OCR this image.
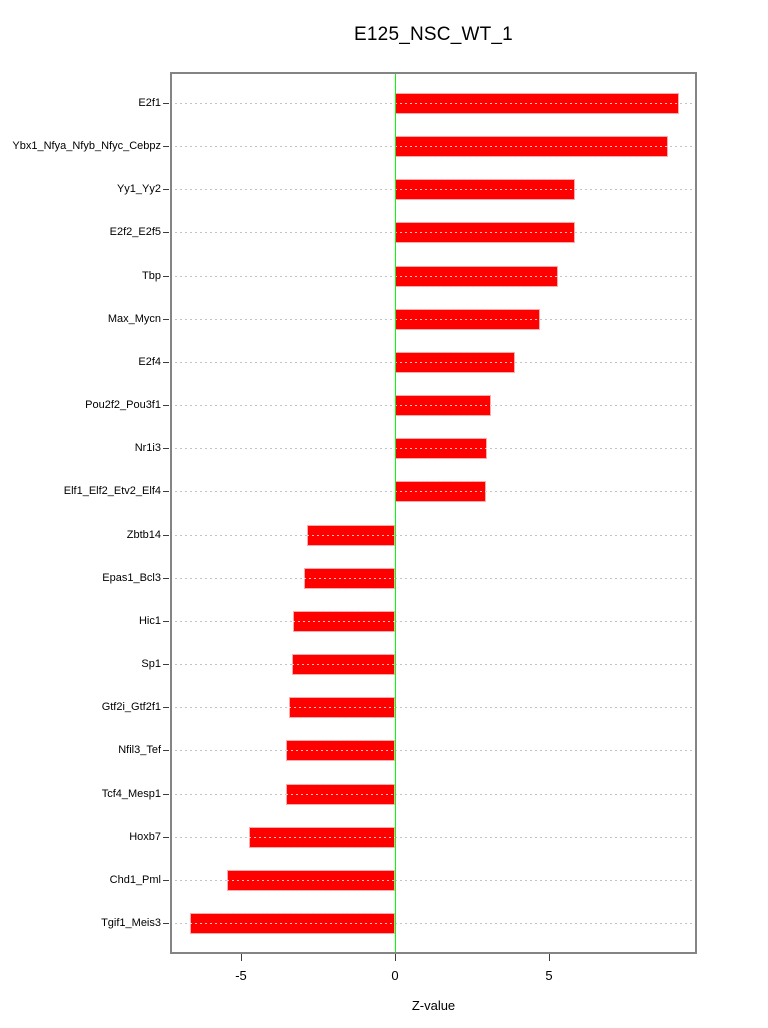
E125_NSC_WT_1
E2f1
Ybx1_Nfya_Nfyb_Nfyc_Cebpz
Yy1_Yy2
E2f2_E2f5
Tbp
Max_Mycn
E2f4
Pou2f2_Pou3f1
Nr1i3
Elf1_Elf2_Etv2_Elf4
Zbtb14
Epas1_Bcl3
Hic1
Sp1
Gtf2i_Gtf2f1
Nfil3_Tef
Tcf4_Mesp1
Hoxb7
Chd1_Pml
Tgif1_Meis3
-5	0	5
Z-value
